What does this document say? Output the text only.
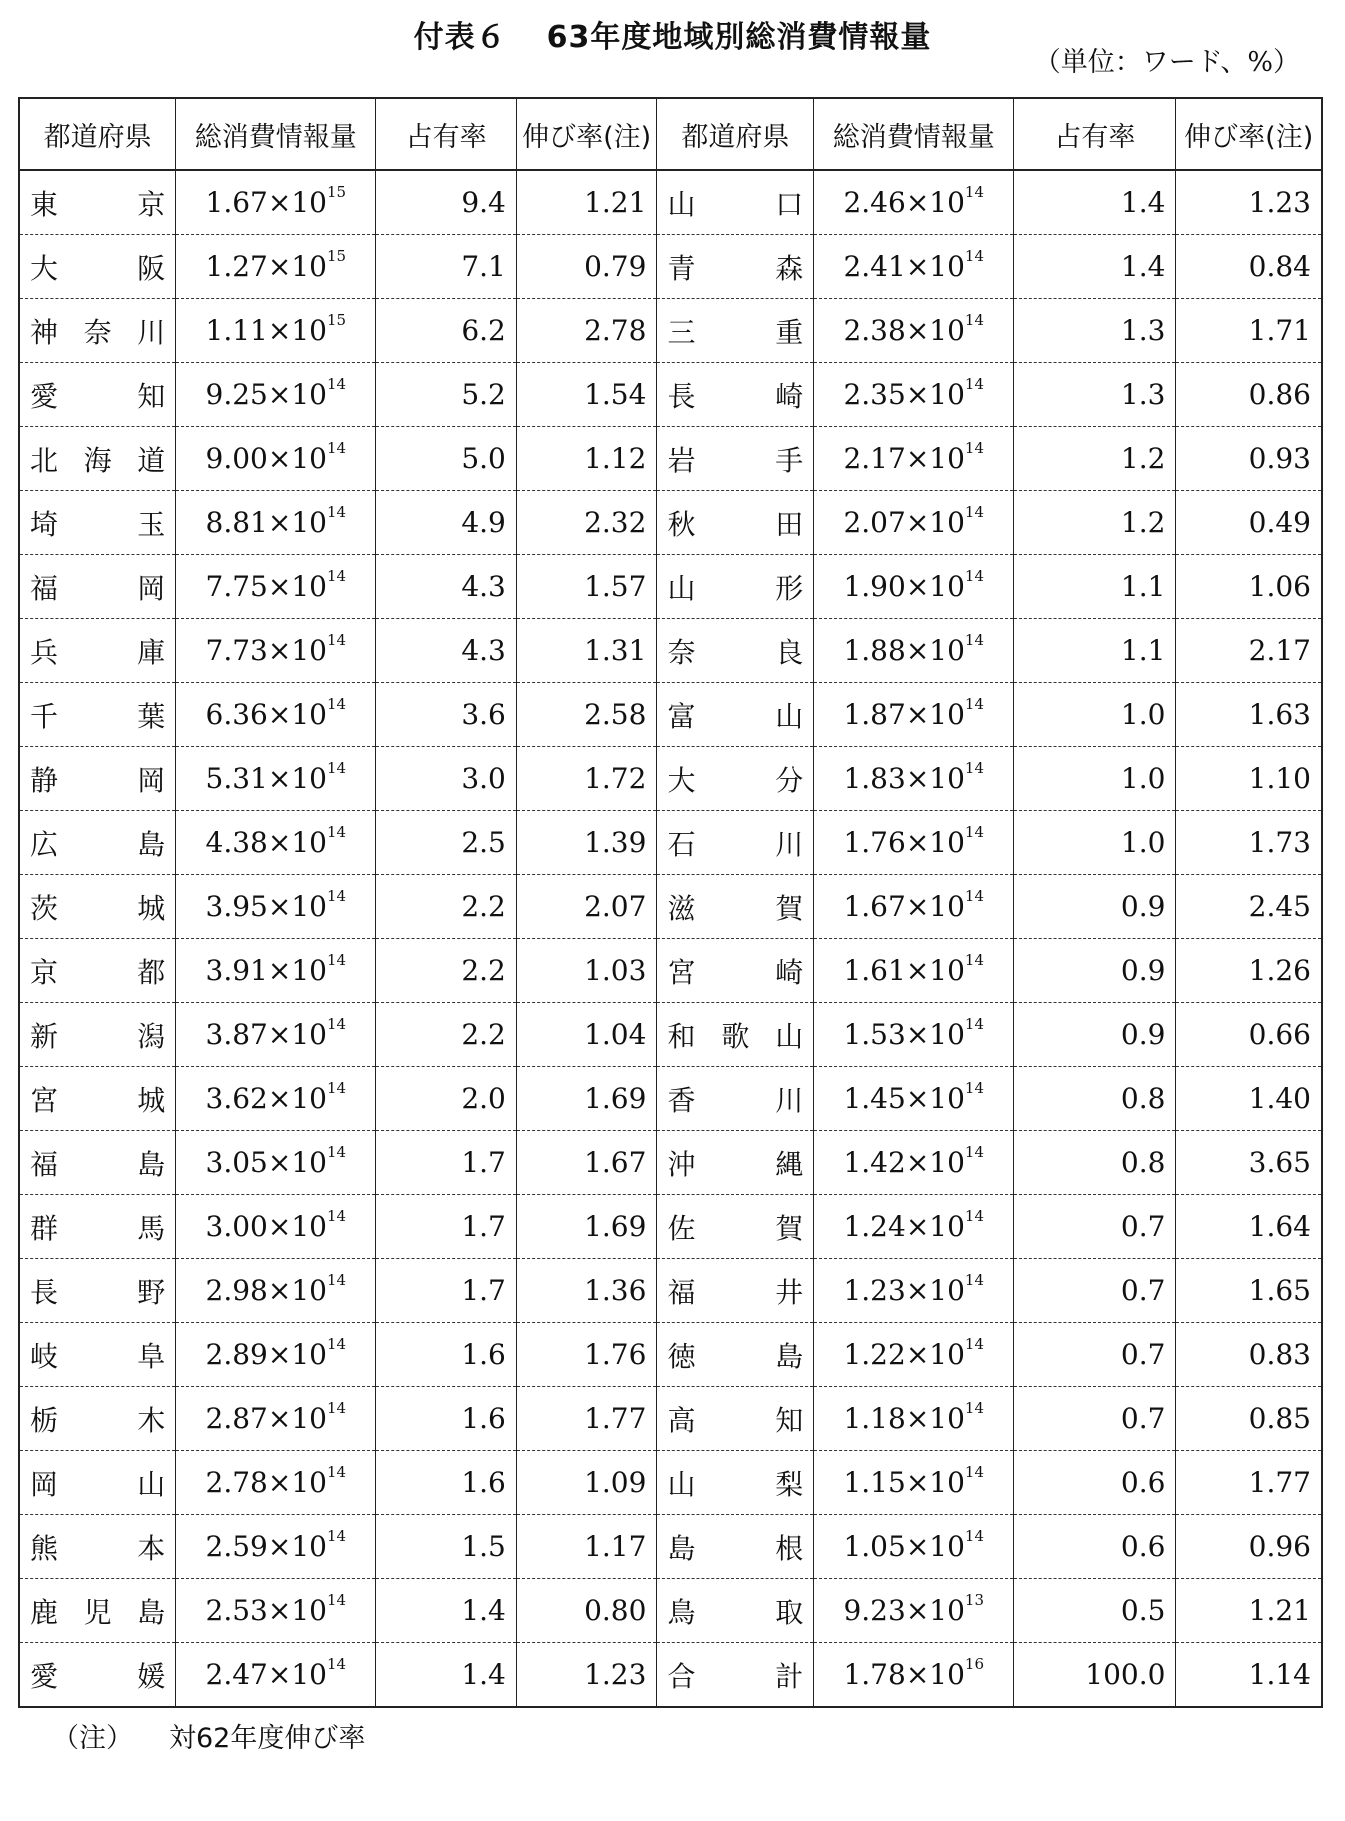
付表６ 63年度地域別総消費情報量
（単位：ワード、%）
都道府県	総消費情報量	占有率	伸び率(注)	都道府県	総消費情報量	占有率	伸び率(注)
東京	$1.67\times 10^{15}$	9.4	1.21	山口	$2.46\times 10^{14}$	1.4	1.23
大阪	$1.27\times 10^{15}$	7.1	0.79	青森	$2.41\times 10^{14}$	1.4	0.84
神奈川	$1.11\times 10^{15}$	6.2	2.78	三重	$2.38\times 10^{14}$	1.3	1.71
愛知	$9.25\times 10^{14}$	5.2	1.54	長崎	$2.35\times 10^{14}$	1.3	0.86
北海道	$9.00\times 10^{14}$	5.0	1.12	岩手	$2.17\times 10^{14}$	1.2	0.93
埼玉	$8.81\times 10^{14}$	4.9	2.32	秋田	$2.07\times 10^{14}$	1.2	0.49
福岡	$7.75\times 10^{14}$	4.3	1.57	山形	$1.90\times 10^{14}$	1.1	1.06
兵庫	$7.73\times 10^{14}$	4.3	1.31	奈良	$1.88\times 10^{14}$	1.1	2.17
千葉	$6.36\times 10^{14}$	3.6	2.58	富山	$1.87\times 10^{14}$	1.0	1.63
静岡	$5.31\times 10^{14}$	3.0	1.72	大分	$1.83\times 10^{14}$	1.0	1.10
広島	$4.38\times 10^{14}$	2.5	1.39	石川	$1.76\times 10^{14}$	1.0	1.73
茨城	$3.95\times 10^{14}$	2.2	2.07	滋賀	$1.67\times 10^{14}$	0.9	2.45
京都	$3.91\times 10^{14}$	2.2	1.03	宮崎	$1.61\times 10^{14}$	0.9	1.26
新潟	$3.87\times 10^{14}$	2.2	1.04	和歌山	$1.53\times 10^{14}$	0.9	0.66
宮城	$3.62\times 10^{14}$	2.0	1.69	香川	$1.45\times 10^{14}$	0.8	1.40
福島	$3.05\times 10^{14}$	1.7	1.67	沖縄	$1.42\times 10^{14}$	0.8	3.65
群馬	$3.00\times 10^{14}$	1.7	1.69	佐賀	$1.24\times 10^{14}$	0.7	1.64
長野	$2.98\times 10^{14}$	1.7	1.36	福井	$1.23\times 10^{14}$	0.7	1.65
岐阜	$2.89\times 10^{14}$	1.6	1.76	徳島	$1.22\times 10^{14}$	0.7	0.83
栃木	$2.87\times 10^{14}$	1.6	1.77	高知	$1.18\times 10^{14}$	0.7	0.85
岡山	$2.78\times 10^{14}$	1.6	1.09	山梨	$1.15\times 10^{14}$	0.6	1.77
熊本	$2.59\times 10^{14}$	1.5	1.17	島根	$1.05\times 10^{14}$	0.6	0.96
鹿児島	$2.53\times 10^{14}$	1.4	0.80	鳥取	$9.23\times 10^{13}$	0.5	1.21
愛媛	$2.47\times 10^{14}$	1.4	1.23	合計	$1.78\times 10^{16}$	100.0	1.14
（注） 対62年度伸び率
